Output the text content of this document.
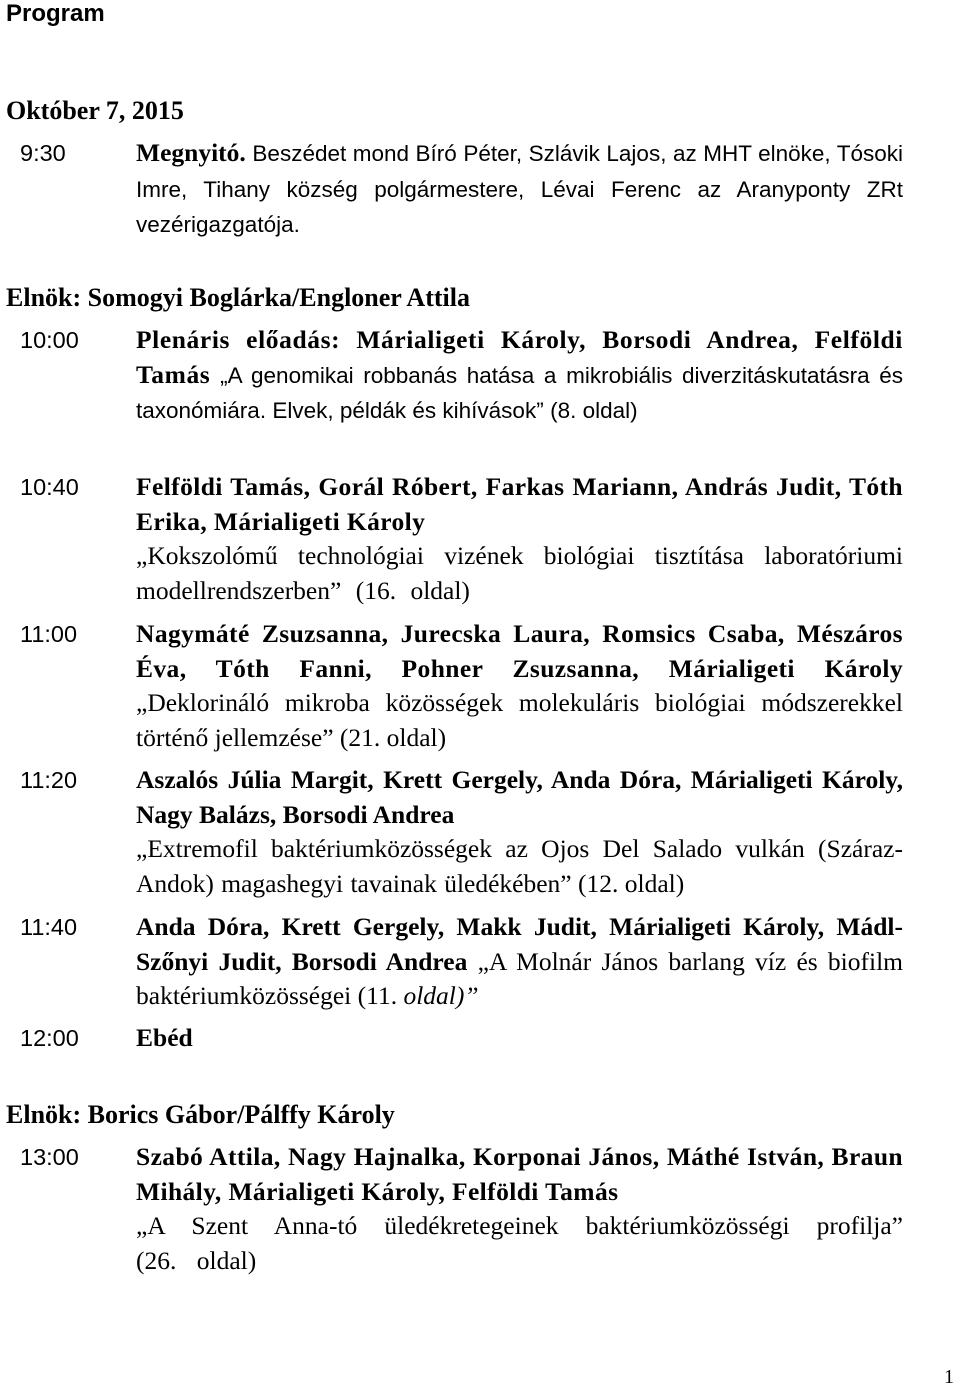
Program
Október 7, 2015
9:30	Megnyitó. Beszédet mond Bíró Péter, Szlávik Lajos, az MHT elnöke, Tósoki Imre, Tihany község polgármestere, Lévai Ferenc az Aranyponty ZRt vezérigazgatója.
Elnök: Somogyi Boglárka/Engloner Attila
10:00 Plenáris előadás: Márialigeti Károly, Borsodi Andrea, Felföldi Tamás „A genomikai robbanás hatása a mikrobiális diverzitáskutatásra és taxonómiára. Elvek, példák és kihívások” (8. oldal)
10:40 Felföldi Tamás, Gorál Róbert, Farkas Mariann, András Judit, Tóth Erika, Márialigeti Károly
„Kokszolómű technológiai vizének biológiai tisztítása laboratóriumi modellrendszerben” (16. oldal)
11:00 Nagymáté Zsuzsanna, Jurecska Laura, Romsics Csaba, Mészáros Éva, Tóth Fanni, Pohner Zsuzsanna, Márialigeti Károly „Deklorináló mikroba közösségek molekuláris biológiai módszerekkel történő jellemzése” (21. oldal)
11:20 Aszalós Júlia Margit, Krett Gergely, Anda Dóra, Márialigeti Károly, Nagy Balázs, Borsodi Andrea
„Extremofil baktériumközösségek az Ojos Del Salado vulkán (Száraz-Andok) magashegyi tavainak üledékében” (12. oldal)
11:40 Anda Dóra, Krett Gergely, Makk Judit, Márialigeti Károly, Mádl-Szőnyi Judit, Borsodi Andrea „A Molnár János barlang víz és biofilm baktériumközösségei (11. oldal)”
12:00 Ebéd
Elnök: Borics Gábor/Pálffy Károly
13:00 Szabó Attila, Nagy Hajnalka, Korponai János, Máthé István, Braun Mihály, Márialigeti Károly, Felföldi Tamás
„A Szent Anna-tó üledékretegeinek baktériumközösségi profilja” (26. oldal)
1
